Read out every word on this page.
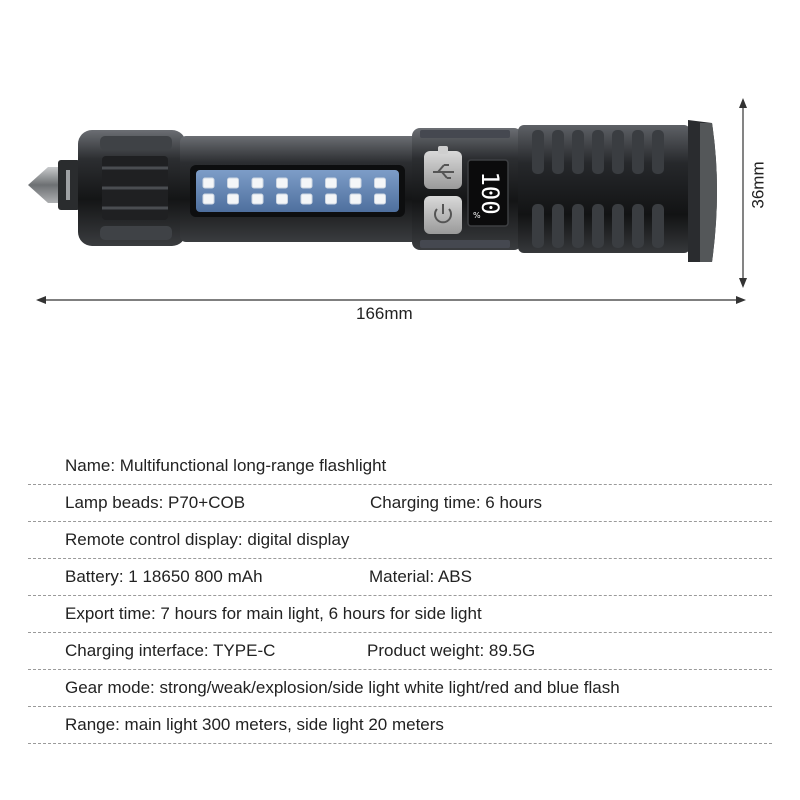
100
%
166mm
36mm
Name: Multifunctional long-range flashlight
Lamp beads: P70+COB	Charging time: 6 hours
Remote control display: digital display
Battery: 1 18650 800 mAh	Material: ABS
Export time: 7 hours for main light, 6 hours for side light
Charging interface: TYPE-C	Product weight: 89.5G
Gear mode: strong/weak/explosion/side light white light/red and blue flash
Range: main light 300 meters, side light 20 meters
